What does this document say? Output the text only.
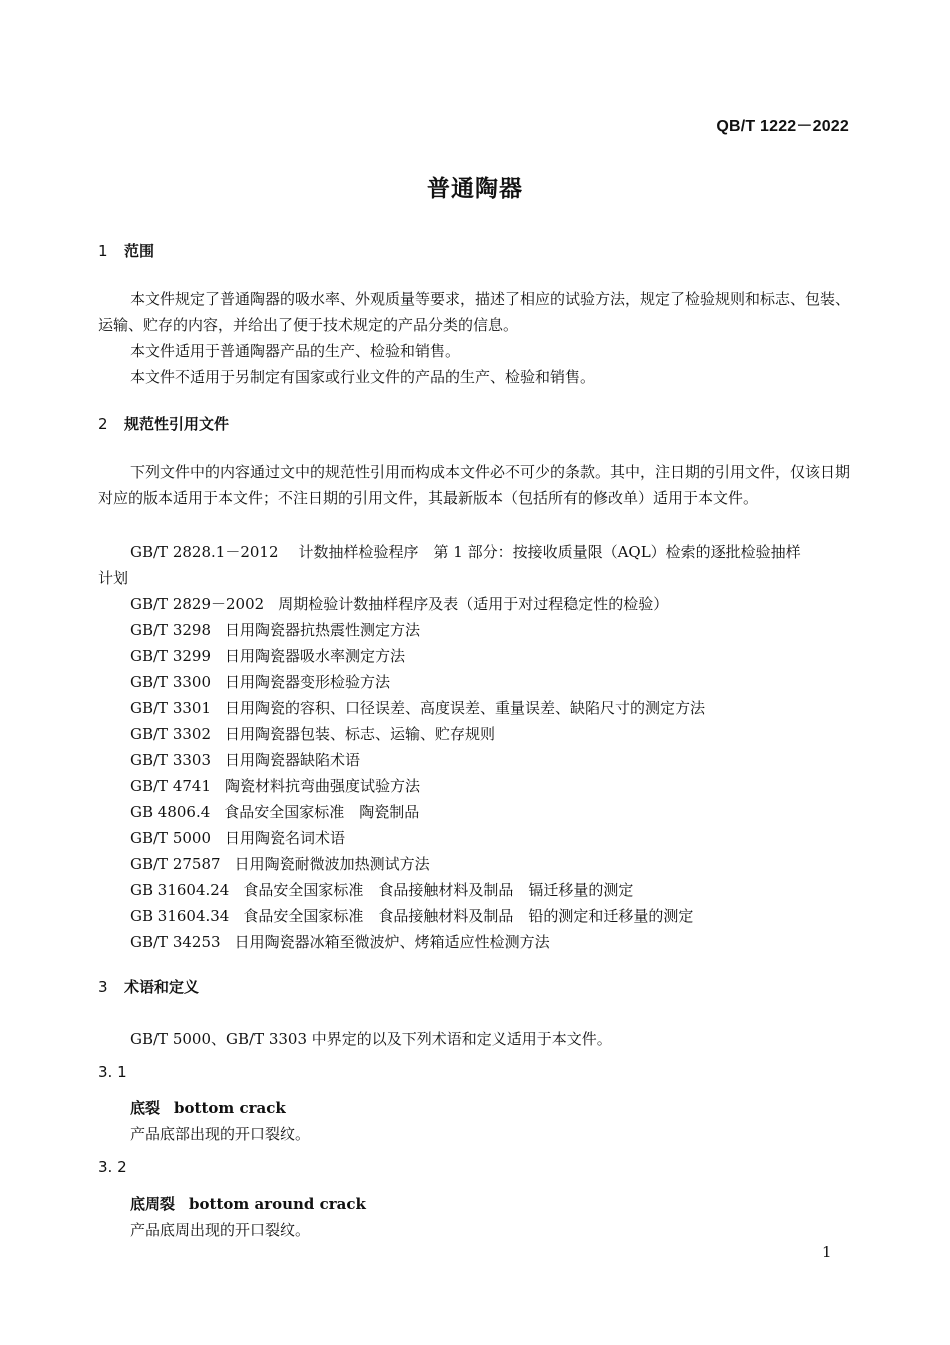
QB/T 1222－2022
普通陶器
1 范围
本文件规定了普通陶器的吸水率、外观质量等要求，描述了相应的试验方法，规定了检验规则和标志、包装、运输、贮存的内容，并给出了便于技术规定的产品分类的信息。
本文件适用于普通陶器产品的生产、检验和销售。
本文件不适用于另制定有国家或行业文件的产品的生产、检验和销售。
2 规范性引用文件
下列文件中的内容通过文中的规范性引用而构成本文件必不可少的条款。其中，注日期的引用文件，仅该日期对应的版本适用于本文件；不注日期的引用文件，其最新版本（包括所有的修改单）适用于本文件。
GB/T 2828.1－2012 计数抽样检验程序　第 1 部分：按接收质量限（AQL）检索的逐批检验抽样
计划
GB/T 2829－2002 周期检验计数抽样程序及表（适用于对过程稳定性的检验）
GB/T 3298 日用陶瓷器抗热震性测定方法
GB/T 3299 日用陶瓷器吸水率测定方法
GB/T 3300 日用陶瓷器变形检验方法
GB/T 3301 日用陶瓷的容积、口径误差、高度误差、重量误差、缺陷尺寸的测定方法
GB/T 3302 日用陶瓷器包装、标志、运输、贮存规则
GB/T 3303 日用陶瓷器缺陷术语
GB/T 4741 陶瓷材料抗弯曲强度试验方法
GB 4806.4 食品安全国家标准　陶瓷制品
GB/T 5000 日用陶瓷名词术语
GB/T 27587 日用陶瓷耐微波加热测试方法
GB 31604.24 食品安全国家标准　食品接触材料及制品　镉迁移量的测定
GB 31604.34 食品安全国家标准　食品接触材料及制品　铅的测定和迁移量的测定
GB/T 34253 日用陶瓷器冰箱至微波炉、烤箱适应性检测方法
3 术语和定义
GB/T 5000、GB/T 3303 中界定的以及下列术语和定义适用于本文件。
3. 1
底裂 bottom crack
产品底部出现的开口裂纹。
3. 2
底周裂 bottom around crack
产品底周出现的开口裂纹。
1
